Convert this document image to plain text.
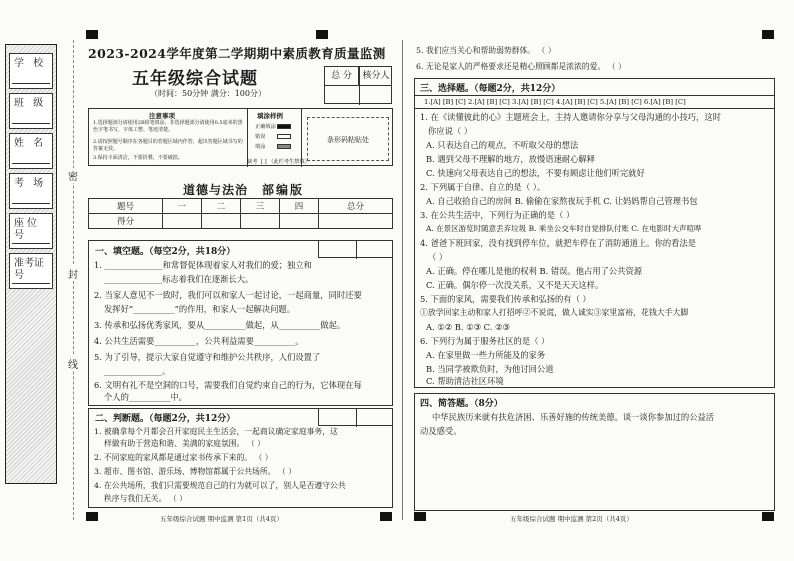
学 校
班 级
姓 名
考 场
座位号
准考证号
密
封
线
2023-2024学年度第二学期期中素质教育质量监测
五年级综合试题
（时间：50分钟 满分：100分）
总 分	核分人
注意事项
1.选择题部分请使用2B铅笔填涂，非选择题部分请使用0.5毫米的黑色字笔书写，字体工整、笔迹清楚。
2.请按照题号顺序在各题目的答题区域内作答，超出答题区域书写的答案无效。
3.保持卡面清洁，不要折叠，不要破损。
填涂样例
正确填涂
错误
填涂
缺考 [ ] （此栏考生禁填）
条形码粘贴处
道德与法治 部编版
题号	一	二	三	四	总分
得分					
一、填空题。（每空2分，共18分）
1. ______________和常督促体现着家人对我们的爱；独立和
______________标志着我们在逐渐长大。
2. 当家人意见不一致时，我们可以和家人一起讨论，一起商量，同时还要
发挥好“__________”的作用，和家人一起解决问题。
3. 传承和弘扬优秀家风，要从__________做起，从__________做起。
4. 公共生活需要__________，公共利益需要__________。
5. 为了引导，提示大家自觉遵守和维护公共秩序，人们设置了
______________。
6. 文明有礼不是空洞的口号，需要我们自觉约束自己的行为，它体现在每
个人的__________中。
二、判断题。（每题2分，共12分）
1. 被确拿每个月都会召开家庭民主生活会，一起商议确定家庭事务，这
样做有助于营造和谐、美满的家庭氛围。 （ ）
2. 不同家庭的家风都是通过家书传承下来的。 （ ）
3. 超市、图书馆、游乐场、博物馆都属于公共场所。 （ ）
4. 在公共场所，我们只需要规范自己的行为就可以了，别人是否遵守公共
秩序与我们无关。 （ ）
五年级综合试题 期中监测 第1页（共4页）
5. 我们应当关心和帮助弱势群体。 （ ）
6. 无论是家人的严格要求还是精心照顾都是浓浓的爱。 （ ）
三、选择题。（每题2分，共12分）
1.[A] [B] [C] 2.[A] [B] [C] 3.[A] [B] [C] 4.[A] [B] [C] 5.[A] [B] [C] 6.[A] [B] [C]
1. 在《读懂彼此的心》主题班会上，主持人邀请你分享与父母沟通的小技巧，这时
你应说（ ）
A. 只表达自己的观点，不听取父母的想法
B. 遇到父母不理解的地方，放慢语速耐心解释
C. 快速向父母表达自己的想法，不要有顾虑让他们听完就好
2. 下列属于自律、自立的是（ ）。
A. 自己收拾自己的房间 B. 偷偷在家熬夜玩手机 C. 让妈妈帮自己管理书包
3. 在公共生活中，下列行为正确的是（ ）
A. 在景区游览时随意丢弃垃圾 B. 乘坐公交车时自觉排队付账 C. 在电影时大声喧哗
4. 爸爸下班回家，没有找到停车位，就把车停在了消防通道上。你的看法是
（ ）
A. 正确。停在哪儿是他的权利 B. 错误。他占用了公共资源
C. 正确。偶尔停一次没关系，又不是天天这样。
5. 下面的家风，需要我们传承和弘扬的有（ ）
①放学回家主动和家人打招呼②不说谎，做人诚实③家里富裕，花钱大手大脚
A. ①② B. ①③ C. ②③
6. 下列行为属于服务社区的是（ ）
A. 在家里做一些力所能及的家务
B. 当同学被欺负时，为他讨回公道
C. 帮助清洁社区环境
四、简答题。（8分）
中华民族历来就有扶危济困、乐善好施的传统美德。谈一谈你参加过的公益活
动及感受。
五年级综合试题 期中监测 第2页（共4页）
